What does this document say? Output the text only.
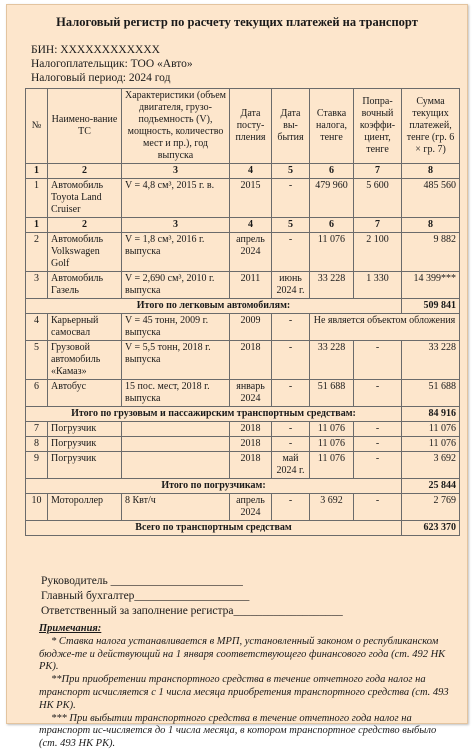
Налоговый регистр по расчету текущих платежей на транспорт
БИН: ХХХХХХХХХХХХ
Налогоплательщик: ТОО «Авто»
Налоговый период: 2024 год
№	Наимено-вание ТС	Характеристики (объем двигателя, грузо-подъемность (V), мощность, количество мест и пр.), год выпуска	Дата посту-пления	Дата вы-бытия	Ставка налога, тенге	Попра-вочный коэффи-циент, тенге	Сумма текущих платежей, тенге (гр. 6 × гр. 7)
1	2	3	4	5	6	7	8
1	Автомобиль Toyota Land Cruiser	V = 4,8 см³, 2015 г. в.	2015	-	479 960	5 600	485 560
1	2	3	4	5	6	7	8
2	Автомобиль Volkswagen Golf	V = 1,8 см³, 2016 г. выпуска	апрель 2024	-	11 076	2 100	9 882
3	Автомобиль Газель	V = 2,690 см³, 2010 г. выпуска	2011	июнь 2024 г.	33 228	1 330	14 399***
Итого по легковым автомобилям:							509 841
4	Карьерный самосвал	V = 45 тонн, 2009 г. выпуска	2009	-	Не является объектом обложения		
5	Грузовой автомобиль «Камаз»	V = 5,5 тонн, 2018 г. выпуска	2018	-	33 228	-	33 228
6	Автобус	15 пос. мест, 2018 г. выпуска	январь 2024	-	51 688	-	51 688
Итого по грузовым и пассажирским транспортным средствам:							84 916
7	Погрузчик		2018	-	11 076	-	11 076
8	Погрузчик		2018	-	11 076	-	11 076
9	Погрузчик		2018	май 2024 г.	11 076	-	3 692
Итого по погрузчикам:							25 844
10	Мотороллер	8 Квт/ч	апрель 2024	-	3 692	-	2 769
Всего по транспортным средствам							623 370
Руководитель _______________________
Главный бухгалтер____________________
Ответственный за заполнение регистра___________________
Примечания:
* Ставка налога устанавливается в МРП, установленный законом о республиканском бюдже-те и действующий на 1 января соответствующего финансового года (ст. 492 НК РК).
**При приобретении транспортного средства в течение отчетного года налог на транспорт исчисляется с 1 числа месяца приобретения транспортного средства (ст. 493 НК РК).
*** При выбытии транспортного средства в течение отчетного года налог на транспорт ис-числяется до 1 числа месяца, в котором транспортное средство выбыло (ст. 493 НК РК).
